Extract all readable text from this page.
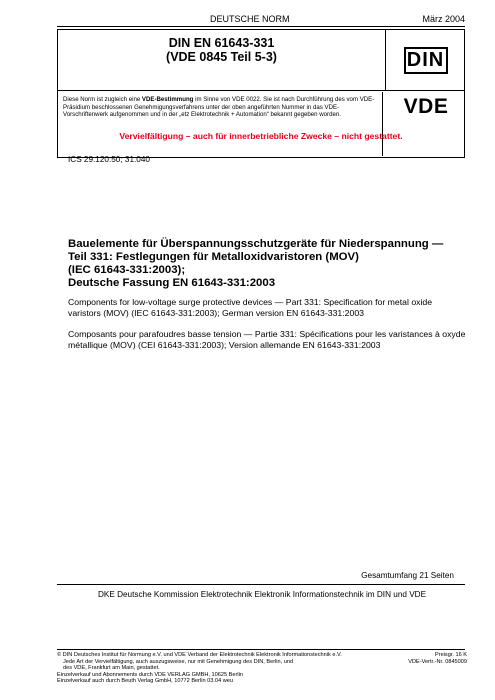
DEUTSCHE NORM	März 2004
DIN EN 61643-331
(VDE 0845 Teil 5-3)	DIN
Diese Norm ist zugleich eine VDE-Bestimmung im Sinne von VDE 0022. Sie ist nach Durchführung des vom VDE-Präsidium beschlossenen Genehmigungsverfahrens unter der oben angeführten Nummer in das VDE-Vorschriftenwerk aufgenommen und in der „etz Elektrotechnik + Automation“ bekannt gegeben worden.	VDE
Vervielfältigung – auch für innerbetriebliche Zwecke – nicht gestattet.
ICS 29.120.50; 31.040
Bauelemente für Überspannungsschutzgeräte für Niederspannung —
Teil 331: Festlegungen für Metalloxidvaristoren (MOV)
(IEC 61643-331:2003);
Deutsche Fassung EN 61643-331:2003
Components for low-voltage surge protective devices — Part 331: Specification for metal oxide varistors (MOV) (IEC 61643-331:2003); German version EN 61643-331:2003
Composants pour parafoudres basse tension — Partie 331: Spécifications pour les varistances à oxyde métallique (MOV) (CEI 61643-331:2003); Version allemande EN 61643-331:2003
Gesamtumfang 21 Seiten
DKE Deutsche Kommission Elektrotechnik Elektronik Informationstechnik im DIN und VDE
© DIN Deutsches Institut für Normung e.V. und VDE Verband der Elektrotechnik Elektronik Informationstechnik e.V.
Jede Art der Vervielfältigung, auch auszugsweise, nur mit Genehmigung des DIN, Berlin, und
des VDE, Frankfurt am Main, gestattet.
Einzelverkauf und Abonnements durch VDE VERLAG GMBH, 10625 Berlin
Einzelverkauf auch durch Beuth Verlag GmbH, 10772 Berlin 03.04 weu
Preisgr. 16 K
VDE-Vertr.-Nr. 0845009
